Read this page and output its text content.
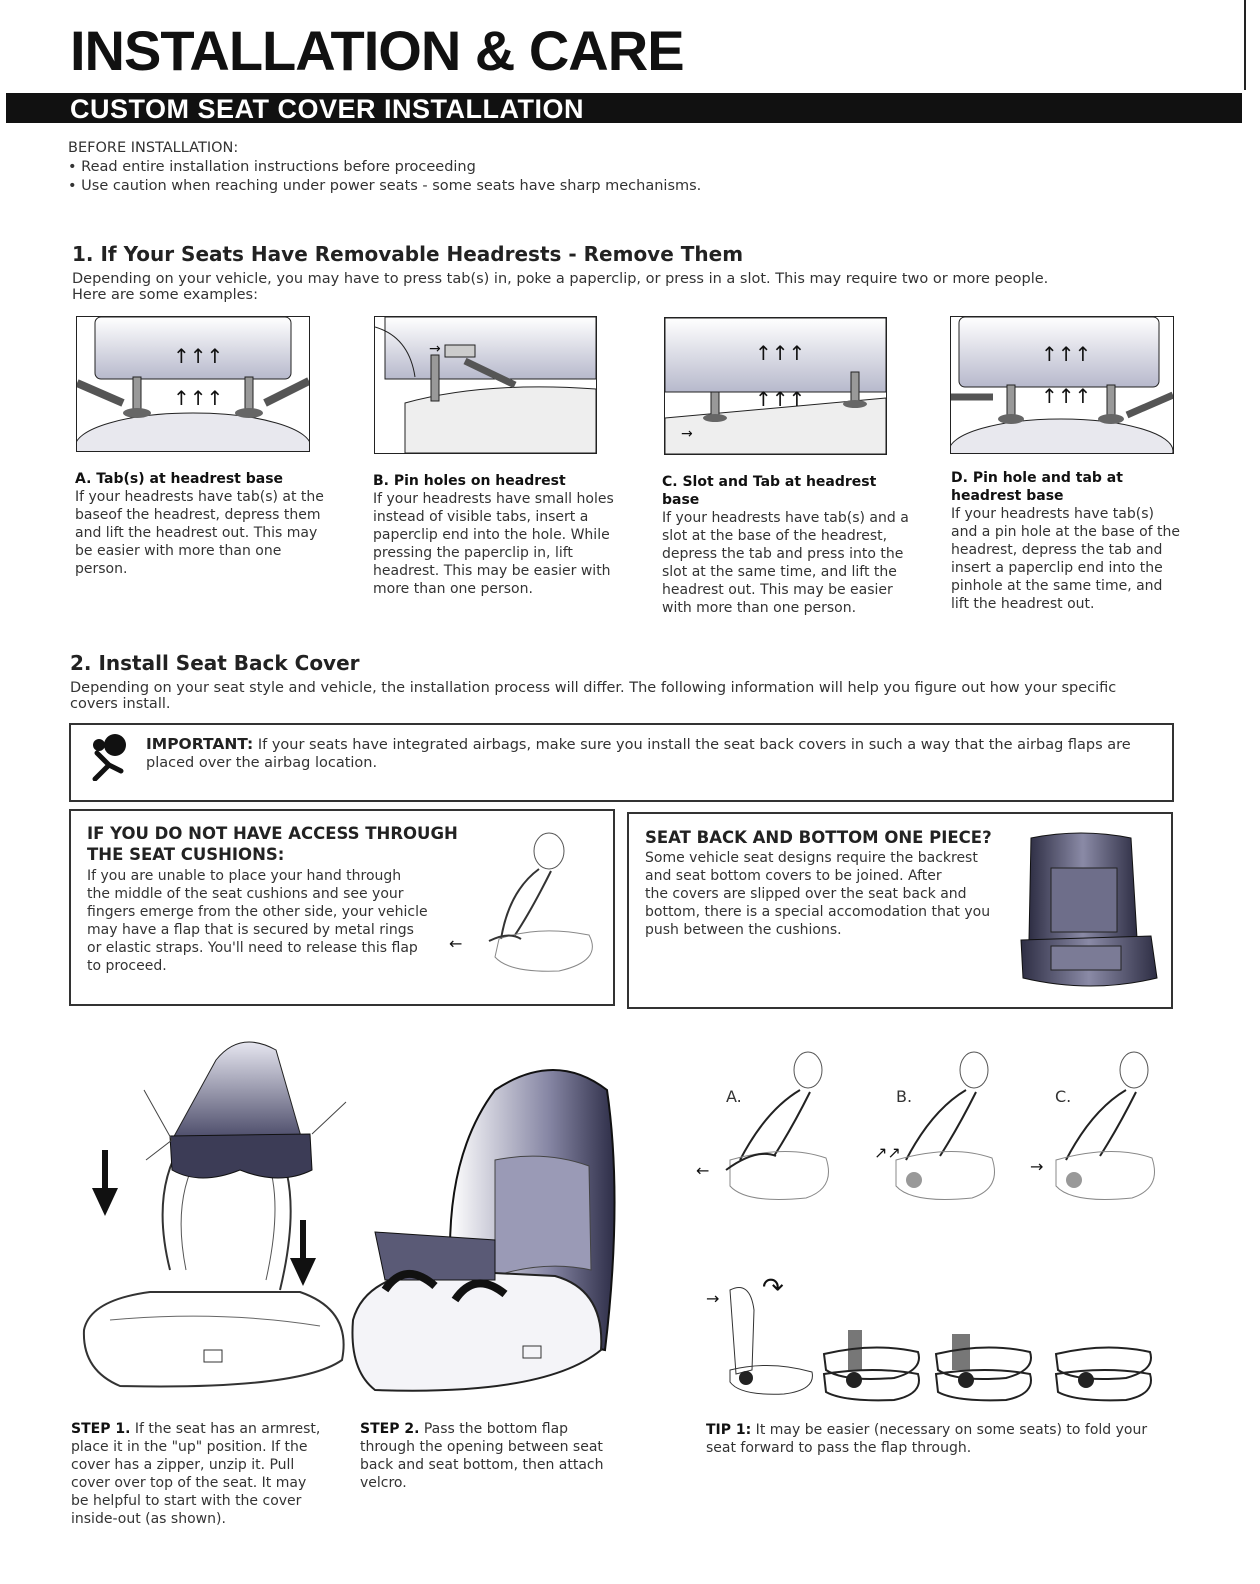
INSTALLATION & CARE
CUSTOM SEAT COVER INSTALLATION
BEFORE INSTALLATION:
• Read entire installation instructions before proceeding
• Use caution when reaching under power seats - some seats have sharp mechanisms.
1. If Your Seats Have Removable Headrests - Remove Them
Depending on your vehicle, you may have to press tab(s) in, poke a paperclip, or press in a slot. This may require two or more people.
Here are some examples:
↑↑↑
↑↑↑
A. Tab(s) at headrest base
If your headrests have tab(s) at the baseof the headrest, depress them and lift the headrest out. This may be easier with more than one person.
→
B. Pin holes on headrest
If your headrests have small holes instead of visible tabs, insert a paperclip end into the hole. While pressing the paperclip in, lift headrest. This may be easier with more than one person.
↑↑↑
↑↑↑
→
C. Slot and Tab at headrest base
If your headrests have tab(s) and a slot at the base of the headrest, depress the tab and press into the slot at the same time, and lift the headrest out. This may be easier with more than one person.
↑↑↑
↑↑↑
D. Pin hole and tab at headrest base
If your headrests have tab(s) and a pin hole at the base of the headrest, depress the tab and insert a paperclip end into the pinhole at the same time, and lift the headrest out.
2. Install Seat Back Cover
Depending on your seat style and vehicle, the installation process will differ. The following information will help you figure out how your specific
covers install.
IMPORTANT: If your seats have integrated airbags, make sure you install the seat back covers in such a way that the airbag flaps are
placed over the airbag location.
IF YOU DO NOT HAVE ACCESS THROUGH
THE SEAT CUSHIONS:
If you are unable to place your hand through
the middle of the seat cushions and see your
fingers emerge from the other side, your vehicle
may have a flap that is secured by metal rings
or elastic straps. You'll need to release this flap
to proceed.
←
SEAT BACK AND BOTTOM ONE PIECE?
Some vehicle seat designs require the backrest
and seat bottom covers to be joined. After
the covers are slipped over the seat back and
bottom, there is a special accomodation that you
push between the cushions.
A.	B.	C.
←
↗↗
→
→ ↷
STEP 1. If the seat has an armrest,
place it in the "up" position. If the
cover has a zipper, unzip it. Pull
cover over top of the seat. It may
be helpful to start with the cover
inside-out (as shown).
STEP 2. Pass the bottom flap
through the opening between seat
back and seat bottom, then attach
velcro.
TIP 1: It may be easier (necessary on some seats) to fold your
seat forward to pass the flap through.
